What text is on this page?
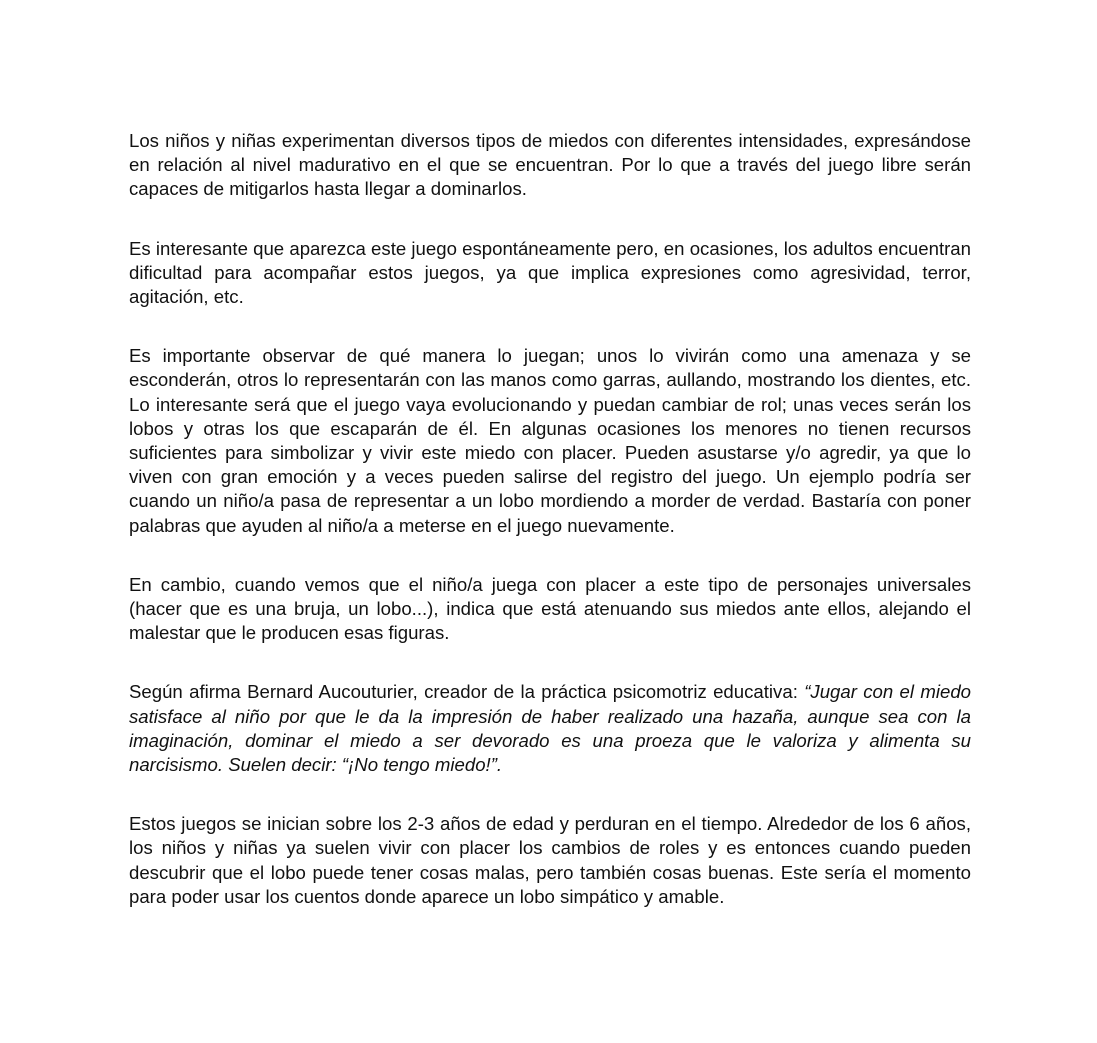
Los niños y niñas experimentan diversos tipos de miedos con diferentes intensidades, expresándose en relación al nivel madurativo en el que se encuentran. Por lo que a través del juego libre serán capaces de mitigarlos hasta llegar a dominarlos.

Es interesante que aparezca este juego espontáneamente pero, en ocasiones, los adultos encuentran dificultad para acompañar estos juegos, ya que implica expresiones como agresividad, terror, agitación, etc.

Es importante observar de qué manera lo juegan; unos lo vivirán como una amenaza y se esconderán, otros lo representarán con las manos como garras, aullando, mostrando los dientes, etc. Lo interesante será que el juego vaya evolucionando y puedan cambiar de rol; unas veces serán los lobos y otras los que escaparán de él. En algunas ocasiones los menores no tienen recursos suficientes para simbolizar y vivir este miedo con placer. Pueden asustarse y/o agredir, ya que lo viven con gran emoción y a veces pueden salirse del registro del juego. Un ejemplo podría ser cuando un niño/a pasa de representar a un lobo mordiendo a morder de verdad. Bastaría con poner palabras que ayuden al niño/a a meterse en el juego nuevamente.

En cambio, cuando vemos que el niño/a juega con placer a este tipo de personajes universales (hacer que es una bruja, un lobo...), indica que está atenuando sus miedos ante ellos, alejando el malestar que le producen esas figuras.

Según afirma Bernard Aucouturier, creador de la práctica psicomotriz educativa: “Jugar con el miedo satisface al niño por que le da la impresión de haber realizado una hazaña, aunque sea con la imaginación, dominar el miedo a ser devorado es una proeza que le valoriza y alimenta su narcisismo. Suelen decir: “¡No tengo miedo!”.

Estos juegos se inician sobre los 2-3 años de edad y perduran en el tiempo. Alrededor de los 6 años, los niños y niñas ya suelen vivir con placer los cambios de roles y es entonces cuando pueden descubrir que el lobo puede tener cosas malas, pero también cosas buenas. Este sería el momento para poder usar los cuentos donde aparece un lobo simpático y amable.
